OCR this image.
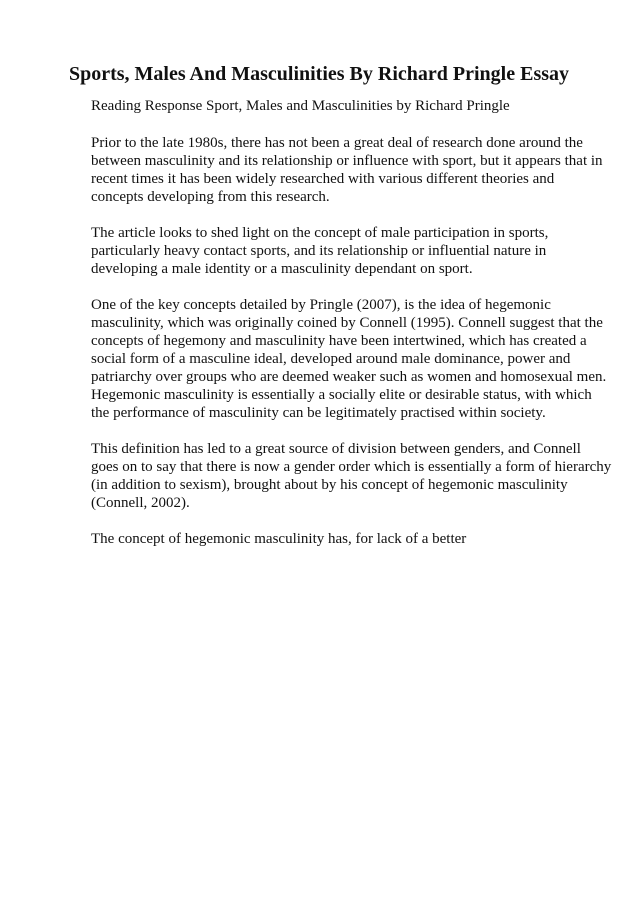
Sports, Males And Masculinities By Richard Pringle Essay

Reading Response Sport, Males and Masculinities by Richard Pringle

Prior to the late 1980s, there has not been a great deal of research done around the
between masculinity and its relationship or influence with sport, but it appears that in
recent times it has been widely researched with various different theories and
concepts developing from this research.

The article looks to shed light on the concept of male participation in sports,
particularly heavy contact sports, and its relationship or influential nature in
developing a male identity or a masculinity dependant on sport.

One of the key concepts detailed by Pringle (2007), is the idea of hegemonic
masculinity, which was originally coined by Connell (1995). Connell suggest that the
concepts of hegemony and masculinity have been intertwined, which has created a
social form of a masculine ideal, developed around male dominance, power and
patriarchy over groups who are deemed weaker such as women and homosexual men.
Hegemonic masculinity is essentially a socially elite or desirable status, with which
the performance of masculinity can be legitimately practised within society.

This definition has led to a great source of division between genders, and Connell
goes on to say that there is now a gender order which is essentially a form of hierarchy
(in addition to sexism), brought about by his concept of hegemonic masculinity
(Connell, 2002).

The concept of hegemonic masculinity has, for lack of a better
